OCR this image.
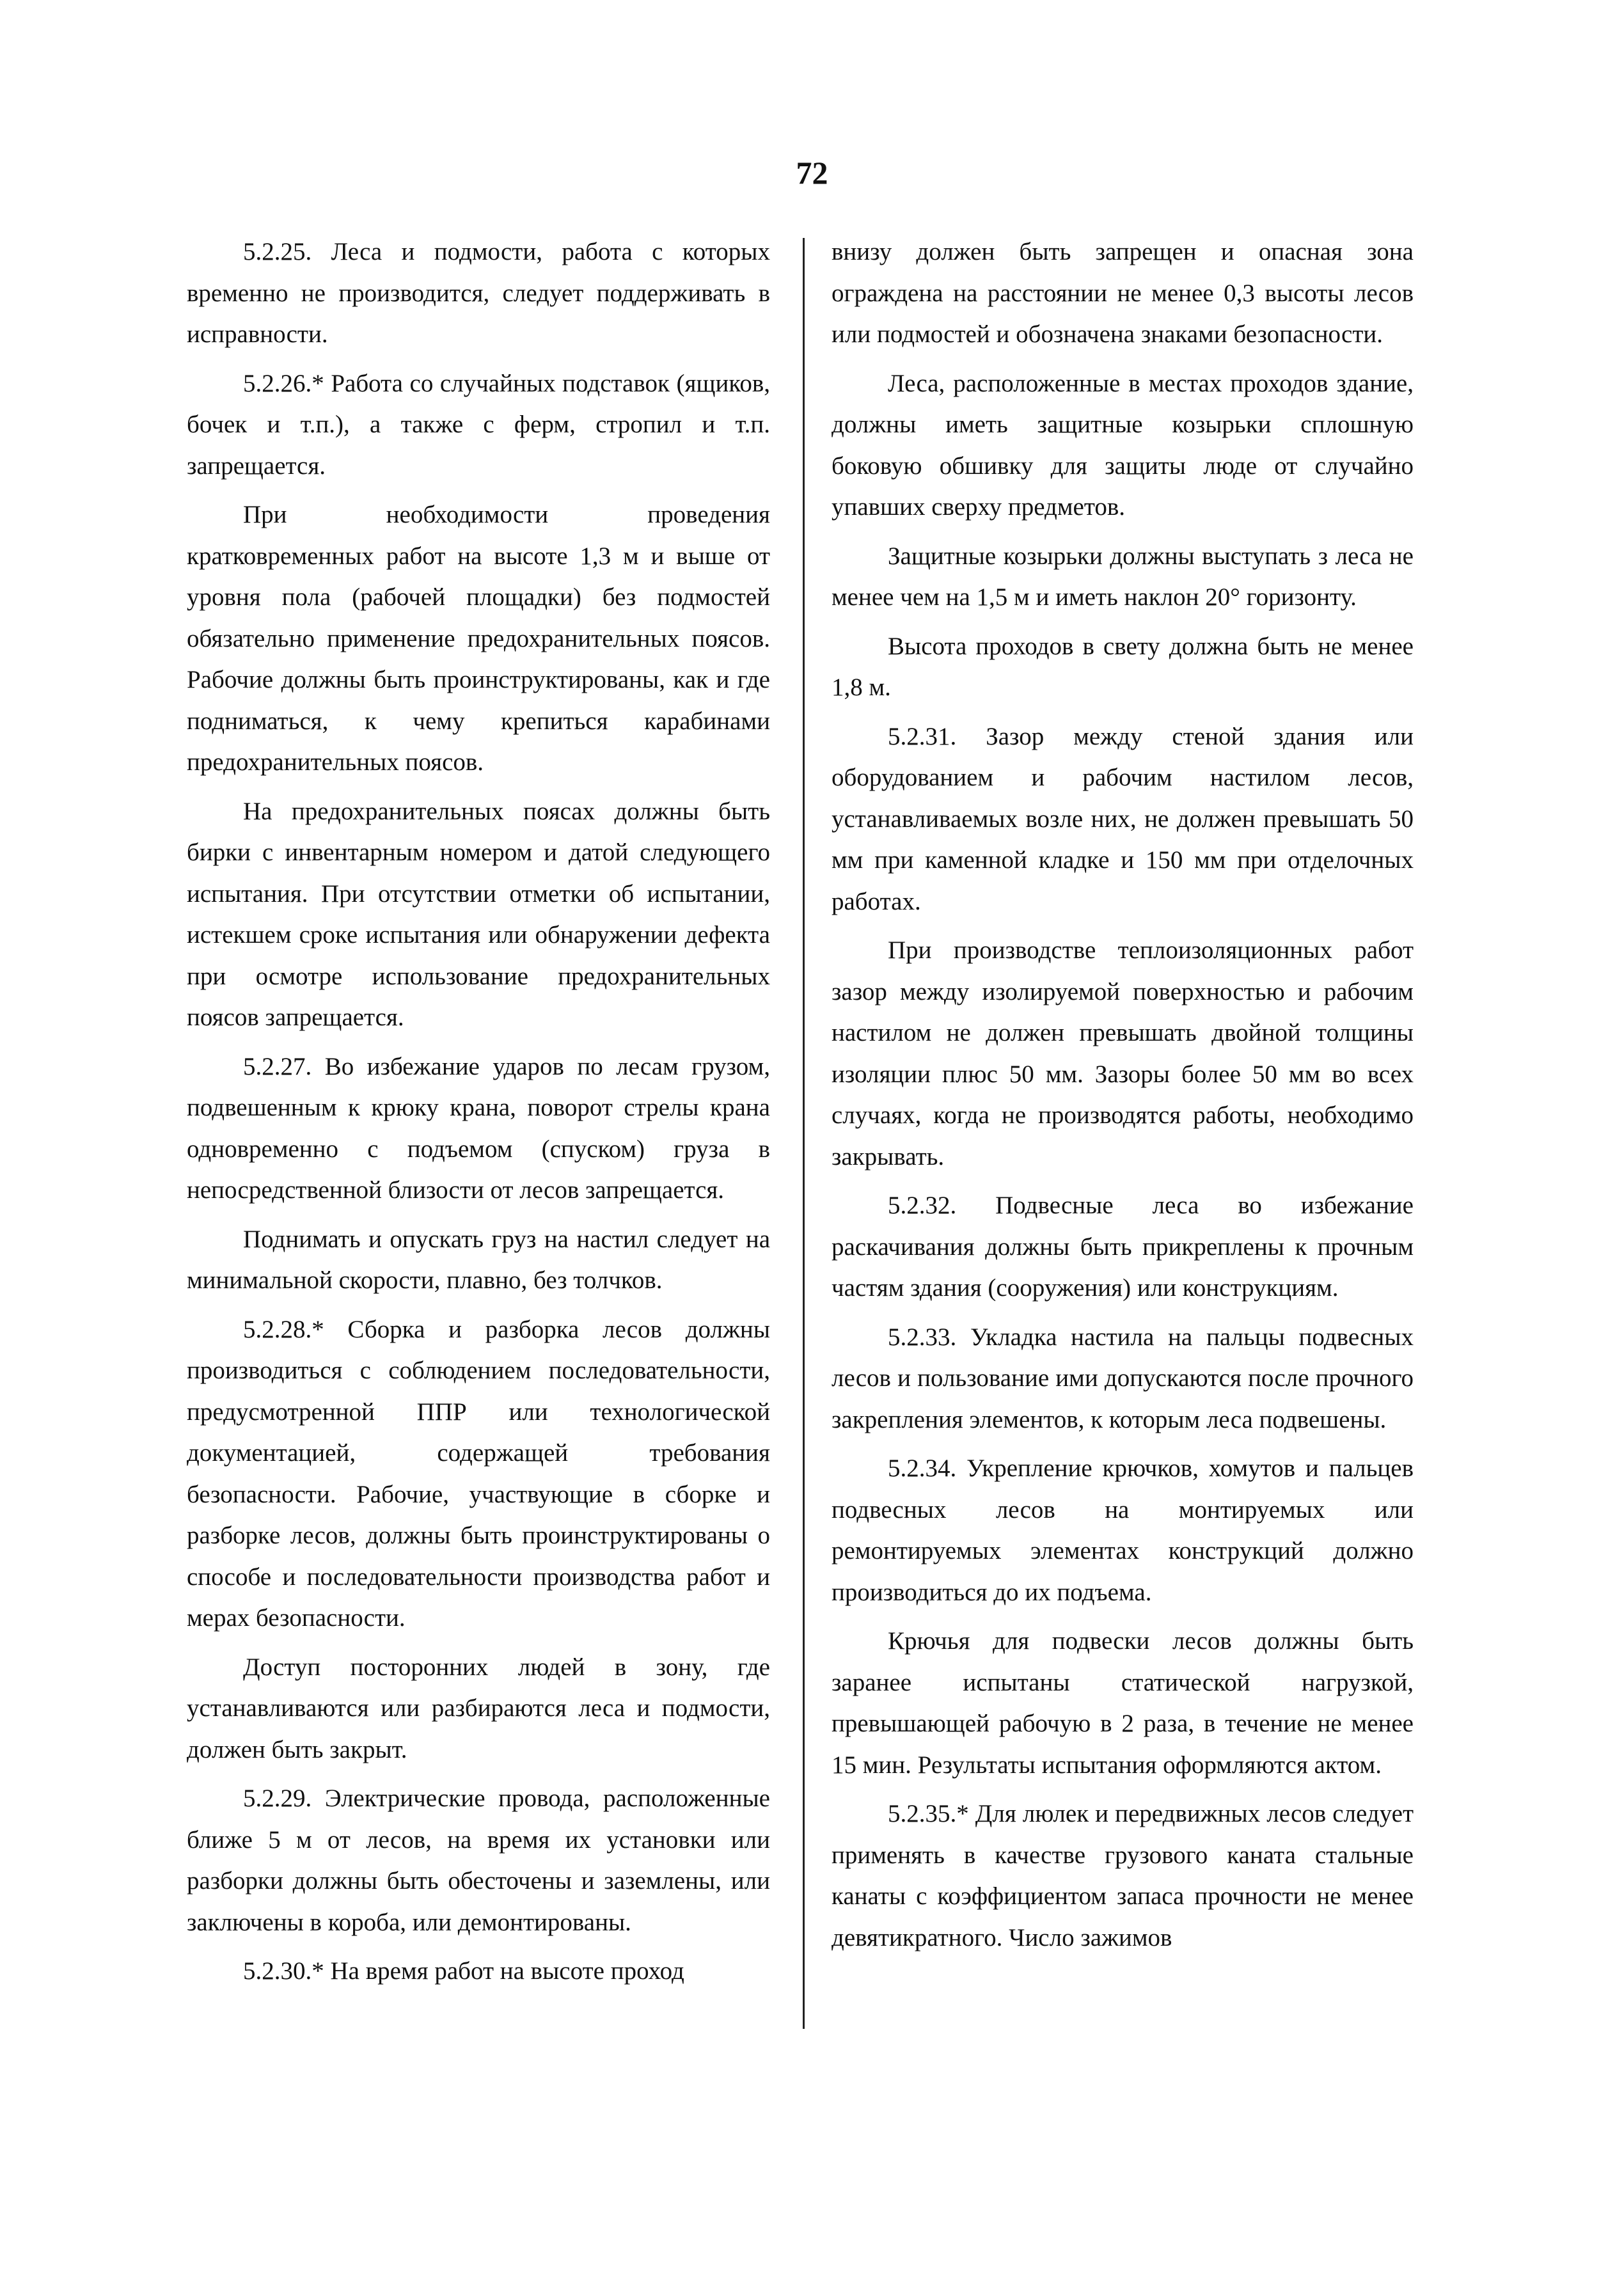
72

5.2.25. Леса и подмости, работа с которых временно не производится, следует поддерживать в исправности.

5.2.26.* Работа со случайных подставок (ящиков, бочек и т.п.), а также с ферм, стропил и т.п. запрещается.

При необходимости проведения кратковременных работ на высоте 1,3 м и выше от уровня пола (рабочей площадки) без подмостей обязательно применение предохранительных поясов. Рабочие должны быть проинструктированы, как и где подниматься, к чему крепиться карабинами предохранительных поясов.

На предохранительных поясах должны быть бирки с инвентарным номером и датой следующего испытания. При отсутствии отметки об испытании, истекшем сроке испытания или обнаружении дефекта при осмотре использование предохранительных поясов запрещается.

5.2.27. Во избежание ударов по лесам грузом, подвешенным к крюку крана, поворот стрелы крана одновременно с подъемом (спуском) груза в непосредственной близости от лесов запрещается.

Поднимать и опускать груз на настил следует на минимальной скорости, плавно, без толчков.

5.2.28.* Сборка и разборка лесов должны производиться с соблюдением последовательности, предусмотренной ППР или технологической документацией, содержащей требования безопасности. Рабочие, участвующие в сборке и разборке лесов, должны быть проинструктированы о способе и последовательности производства работ и мерах безопасности.

Доступ посторонних людей в зону, где устанавливаются или разбираются леса и подмости, должен быть закрыт.

5.2.29. Электрические провода, расположенные ближе 5 м от лесов, на время их установки или разборки должны быть обесточены и заземлены, или заключены в короба, или демонтированы.

5.2.30.* На время работ на высоте проход

внизу должен быть запрещен и опасная зона ограждена на расстоянии не менее 0,3 высоты лесов или подмостей и обозначена знаками безопасности.

Леса, расположенные в местах проходов здание, должны иметь защитные козырьки сплошную боковую обшивку для защиты люде от случайно упавших сверху предметов.

Защитные козырьки должны выступать з леса не менее чем на 1,5 м и иметь наклон 20° горизонту.

Высота проходов в свету должна быть не менее 1,8 м.

5.2.31. Зазор между стеной здания или оборудованием и рабочим настилом лесов, устанавливаемых возле них, не должен превышать 50 мм при каменной кладке и 150 мм при отделочных работах.

При производстве теплоизоляционных работ зазор между изолируемой поверхностью и рабочим настилом не должен превышать двойной толщины изоляции плюс 50 мм. Зазоры более 50 мм во всех случаях, когда не производятся работы, необходимо закрывать.

5.2.32. Подвесные леса во избежание раскачивания должны быть прикреплены к прочным частям здания (сооружения) или конструкциям.

5.2.33. Укладка настила на пальцы подвесных лесов и пользование ими допускаются после прочного закрепления элементов, к которым леса подвешены.

5.2.34. Укрепление крючков, хомутов и пальцев подвесных лесов на монтируемых или ремонтируемых элементах конструкций должно производиться до их подъема.

Крючья для подвески лесов должны быть заранее испытаны статической нагрузкой, превышающей рабочую в 2 раза, в течение не менее 15 мин. Результаты испытания оформляются актом.

5.2.35.* Для люлек и передвижных лесов следует применять в качестве грузового каната стальные канаты с коэффициентом запаса прочности не менее девятикратного. Число зажимов
